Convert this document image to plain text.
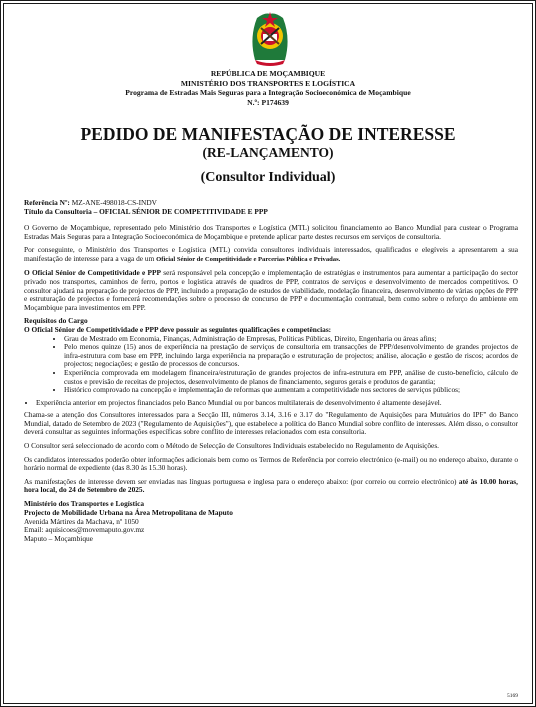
REPÚBLICA DE MOÇAMBIQUE
MINISTÉRIO DOS TRANSPORTES E LOGÍSTICA
Programa de Estradas Mais Seguras para a Integração Socioeconómica de Moçambique
N.º: P174639
PEDIDO DE MANIFESTAÇÃO DE INTERESSE
(RE-LANÇAMENTO)
(Consultor Individual)
Referência Nº: MZ-ANE-498018-CS-INDV
Título da Consultoria – OFICIAL SÉNIOR DE COMPETITIVIDADE E PPP

O Governo de Moçambique, representado pelo Ministério dos Transportes e Logística (MTL) solicitou financiamento ao Banco Mundial para custear o Programa Estradas Mais Seguras para a Integração Socioeconómica de Moçambique e pretende aplicar parte destes recursos em serviços de consultoria.

Por conseguinte, o Ministério dos Transportes e Logística (MTL) convida consultores individuais interessados, qualificados e elegíveis a apresentarem a sua manifestação de interesse para a vaga de um Oficial Sénior de Competitividade e Parcerias Pública e Privadas.

O Oficial Sénior de Competitividade e PPP será responsável pela concepção e implementação de estratégias e instrumentos para aumentar a participação do sector privado nos transportes, caminhos de ferro, portos e logística através de quadros de PPP, contratos de serviços e desenvolvimento de mercados competitivos. O consultor ajudará na preparação de projectos de PPP, incluindo a preparação de estudos de viabilidade, modelação financeira, desenvolvimento de várias opções de PPP e estruturação de projectos e fornecerá recomendações sobre o processo de concurso de PPP e documentação contratual, bem como sobre o reforço do ambiente em Moçambique para investimentos em PPP.

Requisitos do Cargo
O Oficial Sénior de Competitividade e PPP deve possuir as seguintes qualificações e competências:
• Grau de Mestrado em Economia, Finanças, Administração de Empresas, Políticas Públicas, Direito, Engenharia ou áreas afins;
• Pelo menos quinze (15) anos de experiência na prestação de serviços de consultoria em transacções de PPP/desenvolvimento de grandes projectos de infra-estrutura com base em PPP, incluindo larga experiência na preparação e estruturação de projectos; análise, alocação e gestão de riscos; acordos de projectos; negociações; e gestão de processos de concursos.
• Experiência comprovada em modelagem financeira/estruturação de grandes projectos de infra-estrutura em PPP, análise de custo-benefício, cálculo de custos e previsão de receitas de projectos, desenvolvimento de planos de financiamento, seguros gerais e produtos de garantia;
• Histórico comprovado na concepção e implementação de reformas que aumentam a competitividade nos sectores de serviços públicos;
• Experiência anterior em projectos financiados pelo Banco Mundial ou por bancos multilaterais de desenvolvimento é altamente desejável.

Chama-se a atenção dos Consultores interessados para a Secção III, números 3.14, 3.16 e 3.17 do "Regulamento de Aquisições para Mutuários do IPF" do Banco Mundial, datado de Setembro de 2023 ("Regulamento de Aquisições"), que estabelece a política do Banco Mundial sobre conflito de interesses. Além disso, o consultor deverá consultar as seguintes informações específicas sobre conflito de interesses relacionados com esta consultoria.

O Consultor será seleccionado de acordo com o Método de Selecção de Consultores Individuais estabelecido no Regulamento de Aquisições.

Os candidatos interessados poderão obter informações adicionais bem como os Termos de Referência por correio electrónico (e-mail) ou no endereço abaixo, durante o horário normal de expediente (das 8.30 às 15.30 horas).

As manifestações de interesse devem ser enviadas nas línguas portuguesa e inglesa para o endereço abaixo: (por correio ou correio electrónico) até às 10.00 horas, hora local, do 24 de Setembro de 2025.

Ministério dos Transportes e Logística
Projecto de Mobilidade Urbana na Área Metropolitana de Maputo
Avenida Mártires da Machava, nº 1050
Email: aquisicoes@movemaputo.gov.mz
Maputo – Moçambique
5169
